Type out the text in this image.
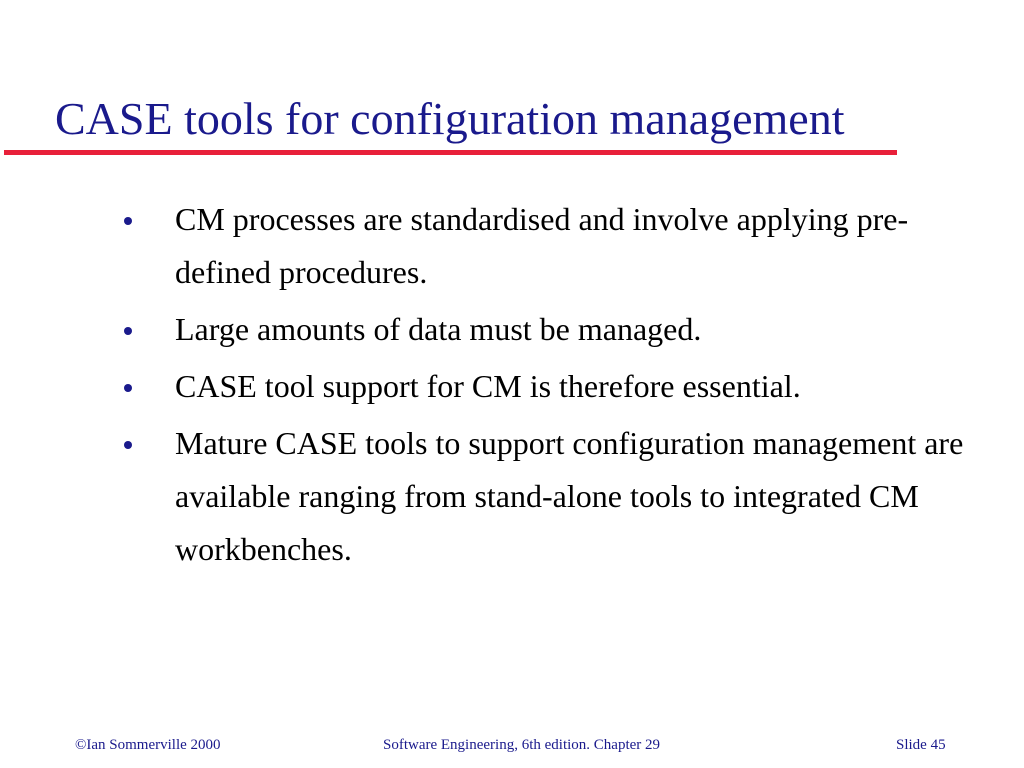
CASE tools for configuration management
CM processes are standardised and involve applying pre-defined procedures.
Large amounts of data must be managed.
CASE tool support for CM is therefore essential.
Mature CASE tools to support configuration management are available ranging from stand-alone tools to integrated CM workbenches.
©Ian Sommerville 2000	Software Engineering, 6th edition. Chapter 29	Slide 45
